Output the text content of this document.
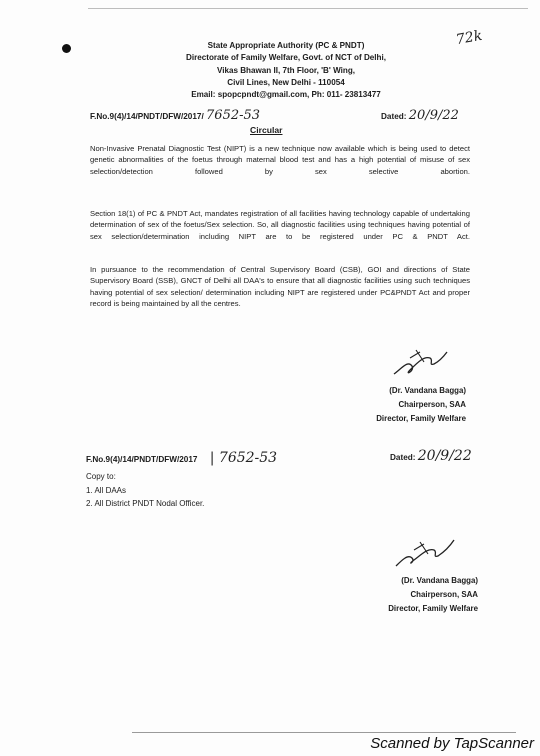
State Appropriate Authority (PC & PNDT)
Directorate of Family Welfare, Govt. of NCT of Delhi,
Vikas Bhawan II, 7th Floor, 'B' Wing,
Civil Lines, New Delhi - 110054
Email: spopcpndt@gmail.com, Ph: 011- 23813477
72k
F.No.9(4)/14/PNDT/DFW/2017/ 7652-53	Dated: 20/9/22
Circular
Non-Invasive Prenatal Diagnostic Test (NIPT) is a new technique now available which is being used to detect genetic abnormalities of the foetus through maternal blood test and has a high potential of misuse of sex selection/detection followed by sex selective abortion.
Section 18(1) of PC & PNDT Act, mandates registration of all facilities having technology capable of undertaking determination of sex of the foetus/Sex selection. So, all diagnostic facilities using techniques having potential of sex selection/determination including NIPT are to be registered under PC & PNDT Act.
In pursuance to the recommendation of Central Supervisory Board (CSB), GOI and directions of State Supervisory Board (SSB), GNCT of Delhi all DAA's to ensure that all diagnostic facilities using such techniques having potential of sex selection/ determination including NIPT are registered under PC&PNDT Act and proper record is being maintained by all the centres.
(Dr. Vandana Bagga)
Chairperson, SAA
Director, Family Welfare
F.No.9(4)/14/PNDT/DFW/2017 | 7652-53	Dated: 20/9/22
Copy to:
1. All DAAs
2. All District PNDT Nodal Officer.
(Dr. Vandana Bagga)
Chairperson, SAA
Director, Family Welfare
Scanned by TapScanner
